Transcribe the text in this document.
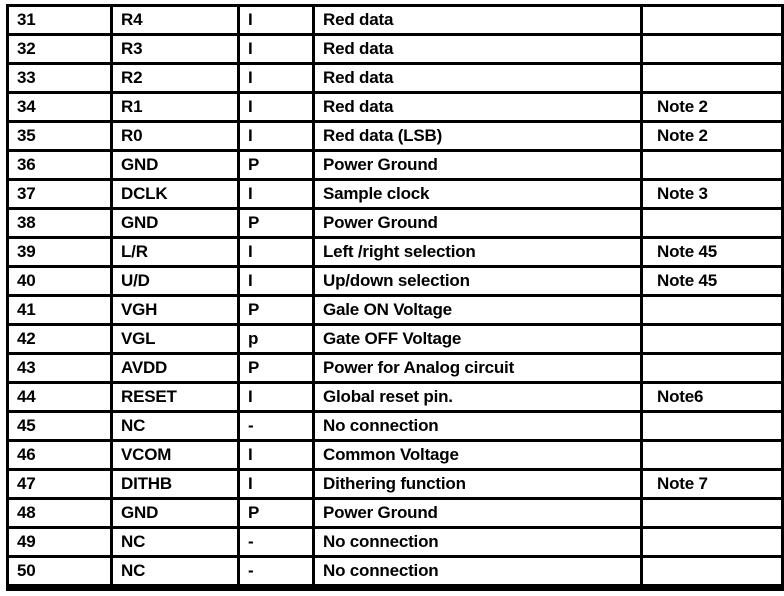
31	R4	I	Red data	
32	R3	I	Red data	
33	R2	I	Red data	
34	R1	I	Red data	Note 2
35	R0	I	Red data (LSB)	Note 2
36	GND	P	Power Ground	
37	DCLK	I	Sample clock	Note 3
38	GND	P	Power Ground	
39	L/R	I	Left /right selection	Note 45
40	U/D	I	Up/down selection	Note 45
41	VGH	P	Gale ON Voltage	
42	VGL	p	Gate OFF Voltage	
43	AVDD	P	Power for Analog circuit	
44	RESET	I	Global reset pin.	Note6
45	NC	-	No connection	
46	VCOM	I	Common Voltage	
47	DITHB	I	Dithering function	Note 7
48	GND	P	Power Ground	
49	NC	-	No connection	
50	NC	-	No connection	
